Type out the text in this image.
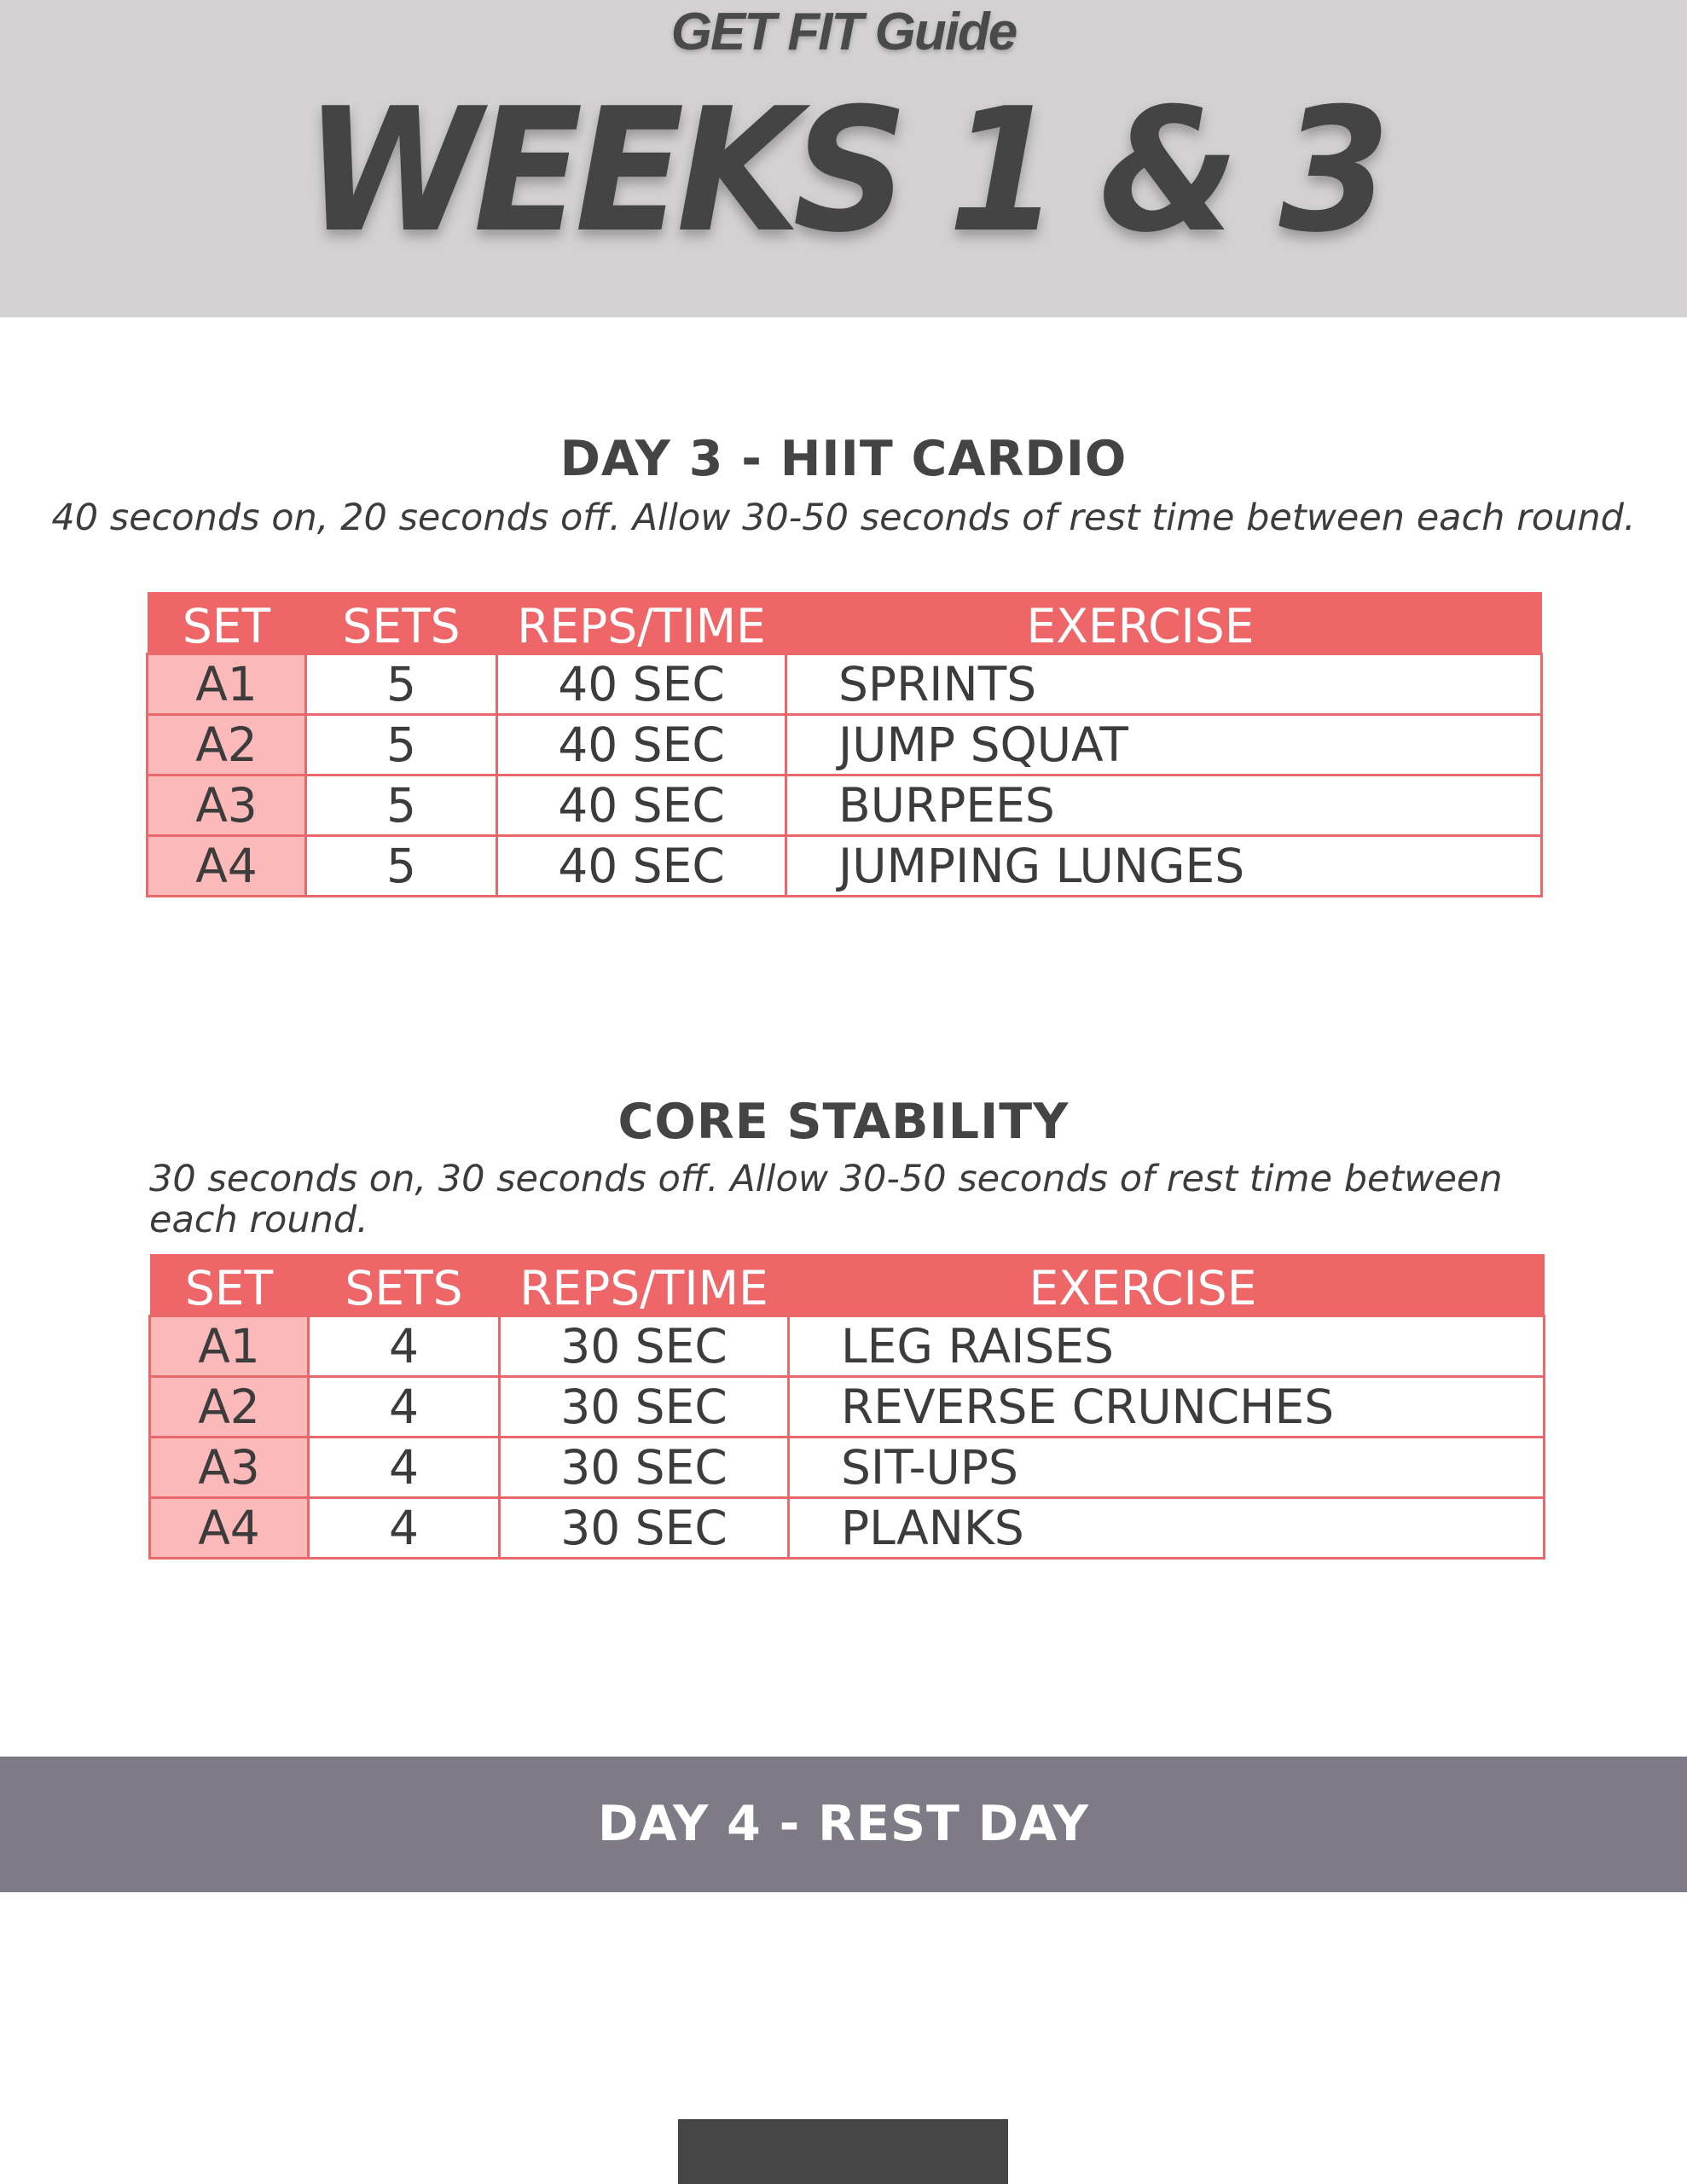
GET FIT Guide
WEEKS 1 & 3
DAY 3 - HIIT CARDIO
40 seconds on, 20 seconds off. Allow 30-50 seconds of rest time between each round.
SET	SETS	REPS/TIME	EXERCISE
A1	5	40 SEC	SPRINTS
A2	5	40 SEC	JUMP SQUAT
A3	5	40 SEC	BURPEES
A4	5	40 SEC	JUMPING LUNGES
CORE STABILITY
30 seconds on, 30 seconds off. Allow 30-50 seconds of rest time between each round.
SET	SETS	REPS/TIME	EXERCISE
A1	4	30 SEC	LEG RAISES
A2	4	30 SEC	REVERSE CRUNCHES
A3	4	30 SEC	SIT-UPS
A4	4	30 SEC	PLANKS
DAY 4 - REST DAY
